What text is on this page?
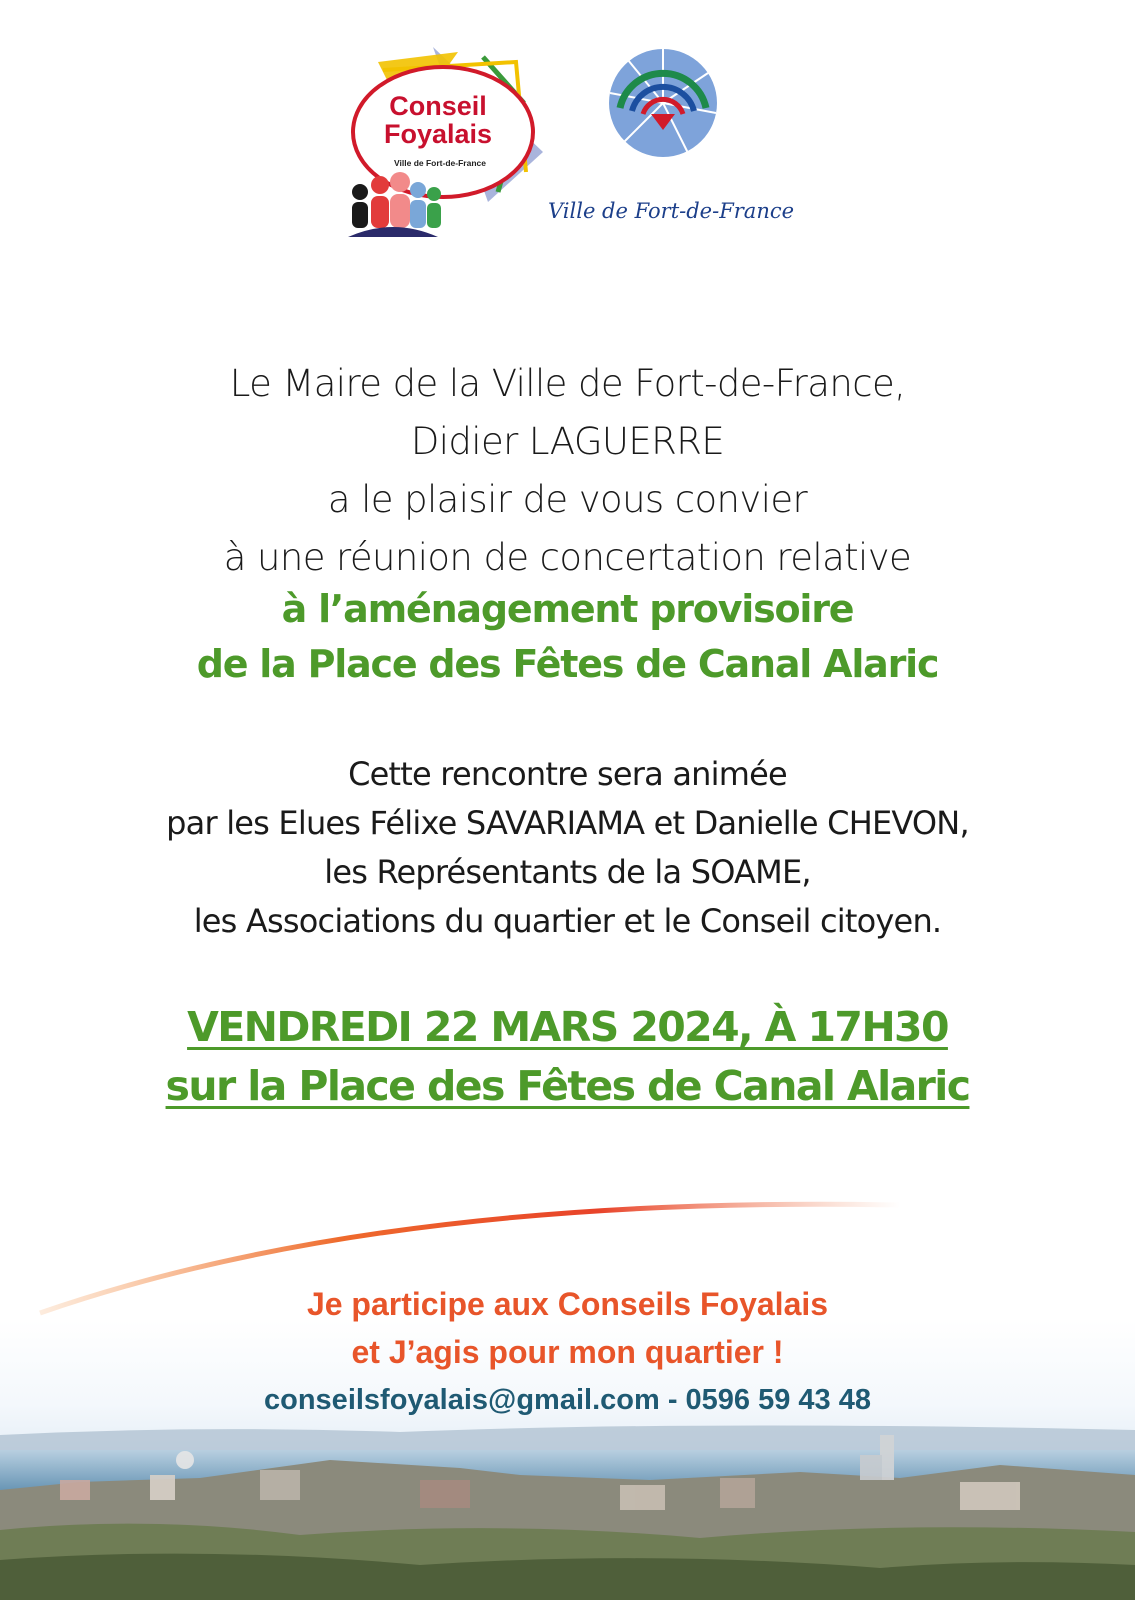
Conseil
Foyalais
Ville de Fort-de-France
Ville de Fort-de-France
Le Maire de la Ville de Fort-de-France,
Didier LAGUERRE
a le plaisir de vous convier
à une réunion de concertation relative
à l’aménagement provisoire
de la Place des Fêtes de Canal Alaric
Cette rencontre sera animée
par les Elues Félixe SAVARIAMA et Danielle CHEVON,
les Représentants de la SOAME,
les Associations du quartier et le Conseil citoyen.
VENDREDI 22 MARS 2024, À 17H30
sur la Place des Fêtes de Canal Alaric
Je participe aux Conseils Foyalais
et J’agis pour mon quartier !
conseilsfoyalais@gmail.com - 0596 59 43 48
